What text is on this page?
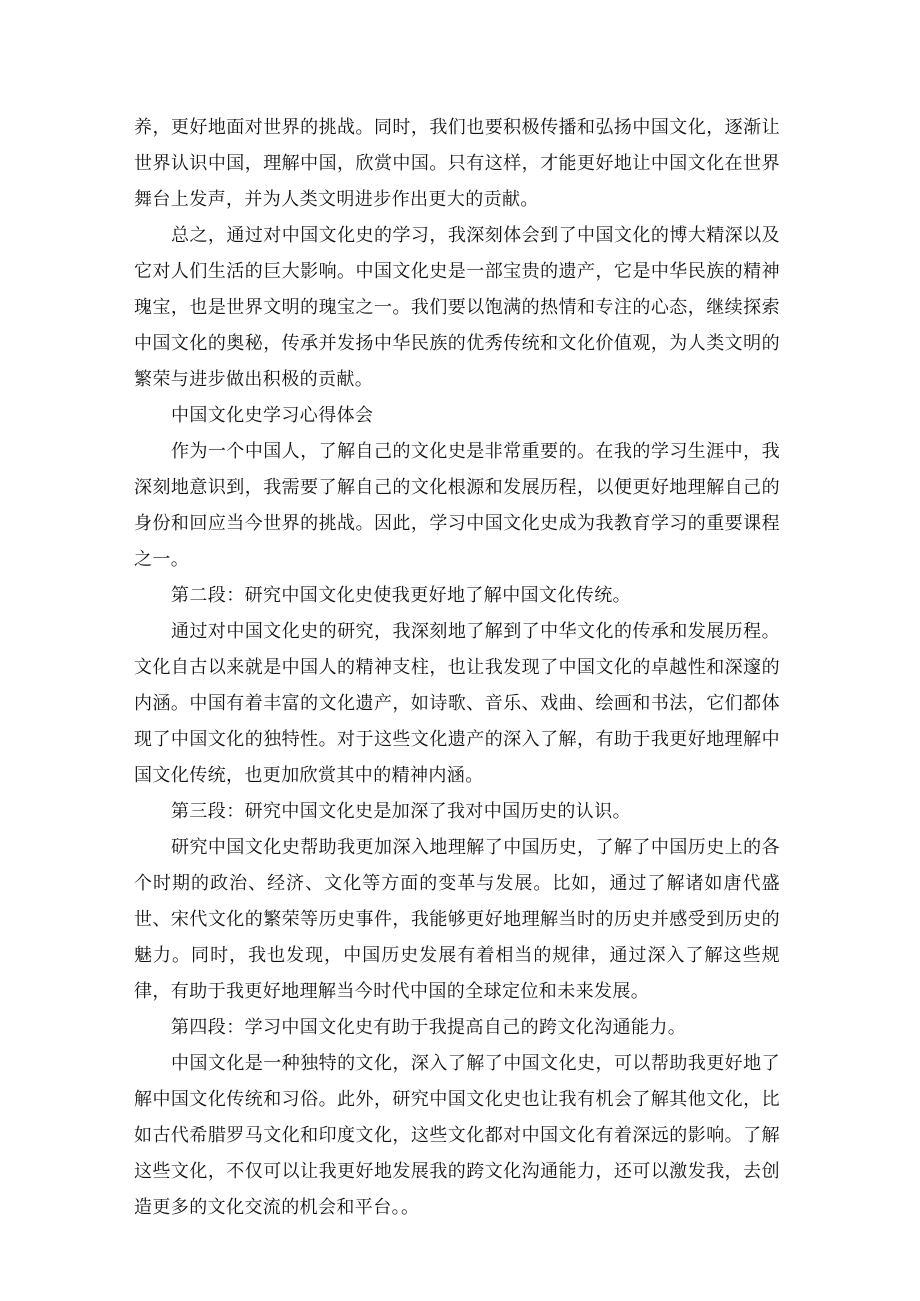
养，更好地面对世界的挑战。同时，我们也要积极传播和弘扬中国文化，逐渐让世界认识中国，理解中国，欣赏中国。只有这样，才能更好地让中国文化在世界舞台上发声，并为人类文明进步作出更大的贡献。

总之，通过对中国文化史的学习，我深刻体会到了中国文化的博大精深以及它对人们生活的巨大影响。中国文化史是一部宝贵的遗产，它是中华民族的精神瑰宝，也是世界文明的瑰宝之一。我们要以饱满的热情和专注的心态，继续探索中国文化的奥秘，传承并发扬中华民族的优秀传统和文化价值观，为人类文明的繁荣与进步做出积极的贡献。

中国文化史学习心得体会

作为一个中国人，了解自己的文化史是非常重要的。在我的学习生涯中，我深刻地意识到，我需要了解自己的文化根源和发展历程，以便更好地理解自己的身份和回应当今世界的挑战。因此，学习中国文化史成为我教育学习的重要课程之一。

第二段：研究中国文化史使我更好地了解中国文化传统。

通过对中国文化史的研究，我深刻地了解到了中华文化的传承和发展历程。文化自古以来就是中国人的精神支柱，也让我发现了中国文化的卓越性和深邃的内涵。中国有着丰富的文化遗产，如诗歌、音乐、戏曲、绘画和书法，它们都体现了中国文化的独特性。对于这些文化遗产的深入了解，有助于我更好地理解中国文化传统，也更加欣赏其中的精神内涵。

第三段：研究中国文化史是加深了我对中国历史的认识。

研究中国文化史帮助我更加深入地理解了中国历史，了解了中国历史上的各个时期的政治、经济、文化等方面的变革与发展。比如，通过了解诸如唐代盛世、宋代文化的繁荣等历史事件，我能够更好地理解当时的历史并感受到历史的魅力。同时，我也发现，中国历史发展有着相当的规律，通过深入了解这些规律，有助于我更好地理解当今时代中国的全球定位和未来发展。

第四段：学习中国文化史有助于我提高自己的跨文化沟通能力。

中国文化是一种独特的文化，深入了解了中国文化史，可以帮助我更好地了解中国文化传统和习俗。此外，研究中国文化史也让我有机会了解其他文化，比如古代希腊罗马文化和印度文化，这些文化都对中国文化有着深远的影响。了解这些文化，不仅可以让我更好地发展我的跨文化沟通能力，还可以激发我，去创造更多的文化交流的机会和平台。。
